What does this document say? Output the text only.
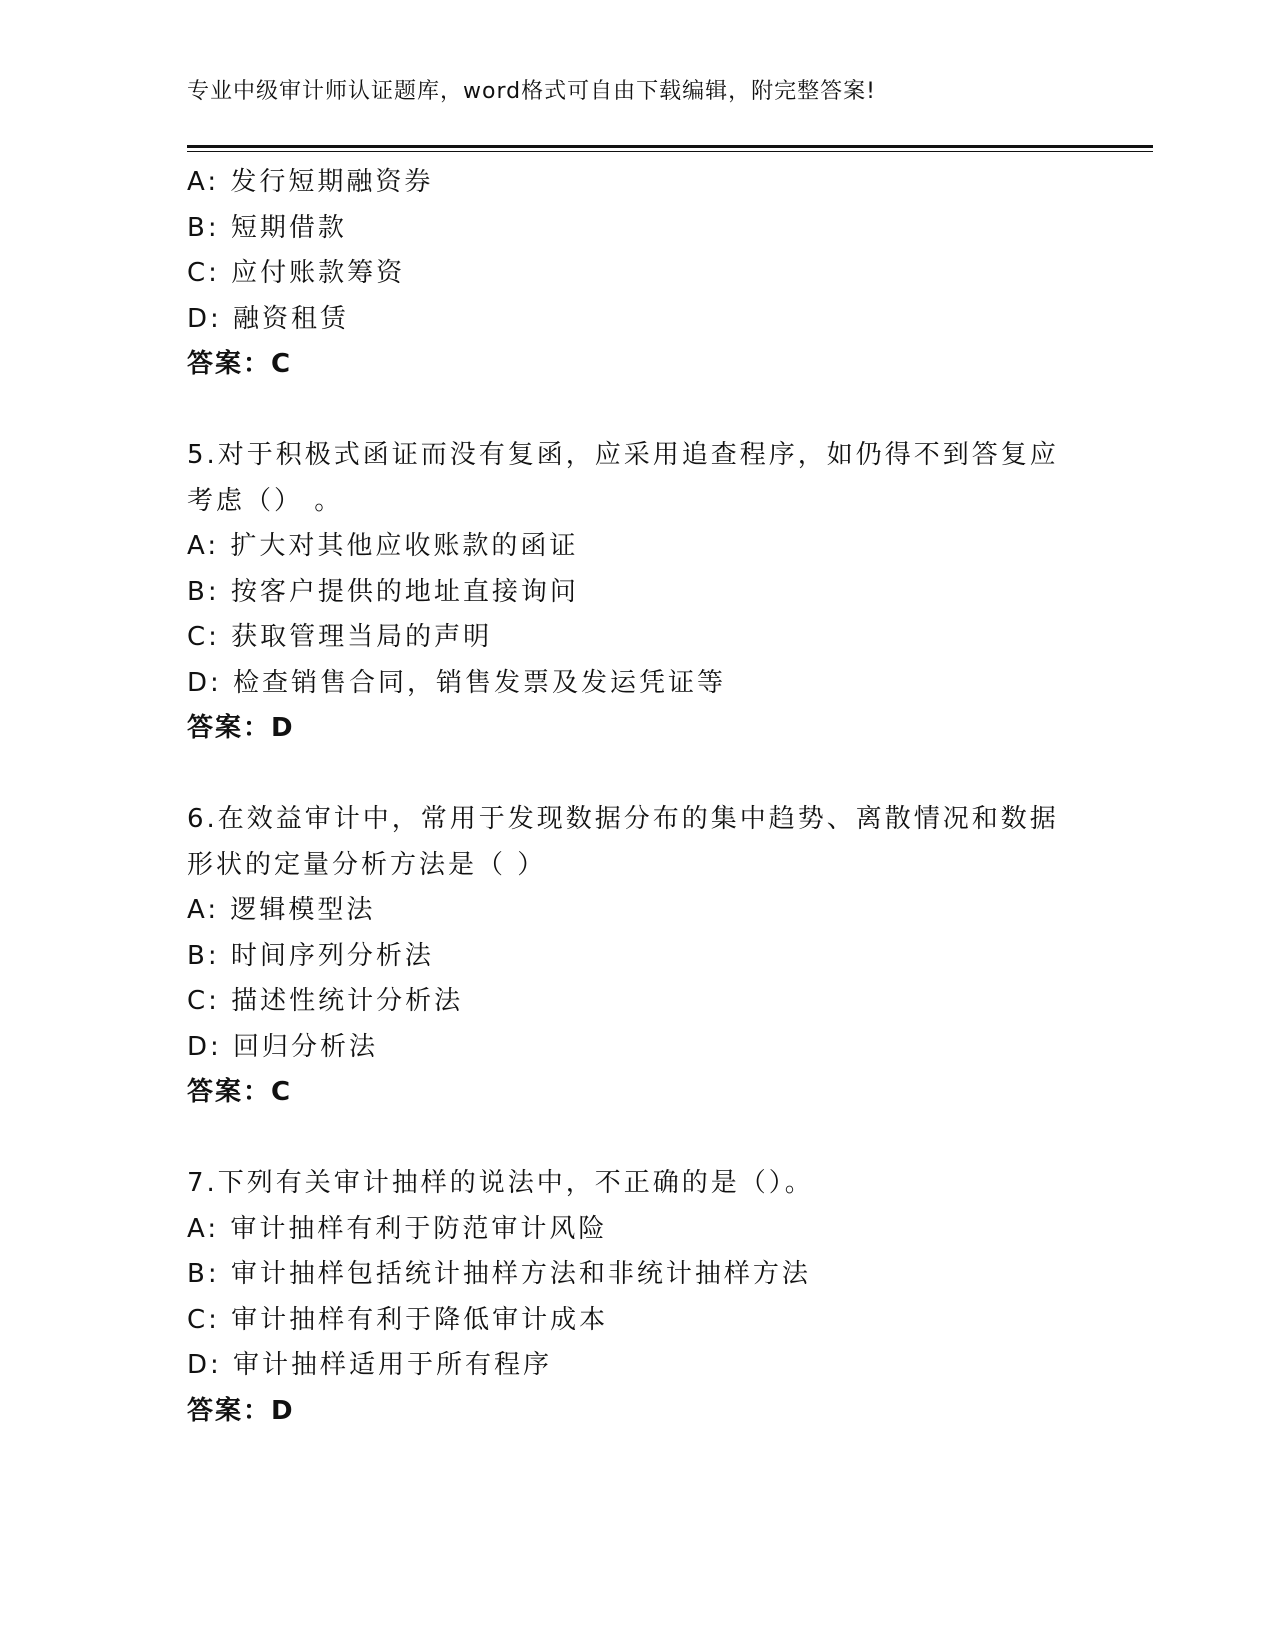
专业中级审计师认证题库，word格式可自由下载编辑，附完整答案!
A: 发行短期融资券
B: 短期借款
C: 应付账款筹资
D: 融资租赁
答案：C
5.对于积极式函证而没有复函，应采用追查程序，如仍得不到答复应
考虑（） 。
A: 扩大对其他应收账款的函证
B: 按客户提供的地址直接询问
C: 获取管理当局的声明
D: 检查销售合同，销售发票及发运凭证等
答案：D
6.在效益审计中，常用于发现数据分布的集中趋势、离散情况和数据
形状的定量分析方法是（ ）
A: 逻辑模型法
B: 时间序列分析法
C: 描述性统计分析法
D: 回归分析法
答案：C
7.下列有关审计抽样的说法中，不正确的是（）。
A: 审计抽样有利于防范审计风险
B: 审计抽样包括统计抽样方法和非统计抽样方法
C: 审计抽样有利于降低审计成本
D: 审计抽样适用于所有程序
答案：D
